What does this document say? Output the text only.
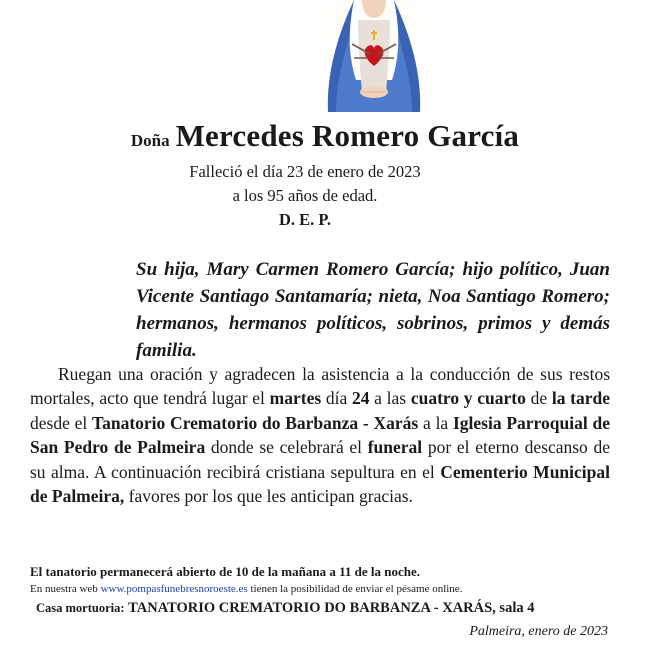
Doña Mercedes Romero García
Falleció el día 23 de enero de 2023
a los 95 años de edad.
D. E. P.
Su hija, Mary Carmen Romero García; hijo político, Juan Vicente Santiago Santamaría; nieta, Noa Santiago Romero; hermanos, hermanos políticos, sobrinos, primos y demás familia.
Ruegan una oración y agradecen la asistencia a la conducción de sus restos mortales, acto que tendrá lugar el martes día 24 a las cuatro y cuarto de la tarde desde el Tanatorio Crematorio do Barbanza - Xarás a la Iglesia Parroquial de San Pedro de Palmeira donde se celebrará el funeral por el eterno descanso de su alma. A continuación recibirá cristiana sepultura en el Cementerio Municipal de Palmeira, favores por los que les anticipan gracias.
El tanatorio permanecerá abierto de 10 de la mañana a 11 de la noche.
En nuestra web www.pompasfunebresnoroeste.es tienen la posibilidad de enviar el pésame online.
Casa mortuoria: TANATORIO CREMATORIO DO BARBANZA - XARÁS, sala 4
Palmeira, enero de 2023
